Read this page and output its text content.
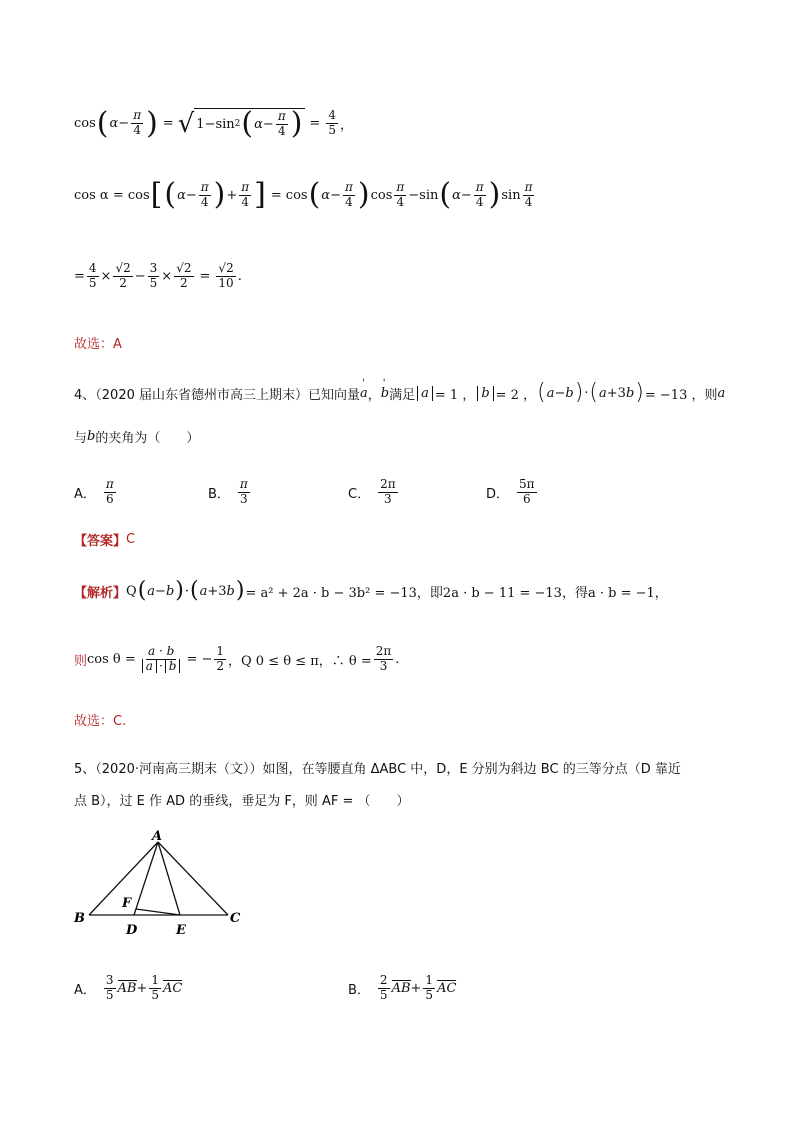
cos ( $\alpha - \frac{\pi}{4}$ ) = √ 1 − sin 2 ( $\alpha - \frac{\pi}{4}$ ) = $\frac{4}{5}$ ，
cos α = cos [ ( $\alpha - \frac{\pi}{4}$ ) + $\frac{\pi}{4}$ ] = cos ( $\alpha - \frac{\pi}{4}$ ) $\cos \frac{\pi}{4} - \sin$ ( $\alpha - \frac{\pi}{4}$ ) $\sin \frac{\pi}{4}$
= $\frac{4}{5} \times \frac{√2}{2} - \frac{3}{5} \times \frac{√2}{2} = \frac{√2}{10}$ .
故选：A
4、（2020 届山东省德州市高三上期末）已知向量 ' a ， ' b 满足 a = 1 ， b = 2 ， ( a − b ) · ( a +3 b ) = −13 ，则 a
与 b 的夹角为（　　）
A． $\frac{\pi}{6}$	B． $\frac{\pi}{3}$	C． $\frac{2\pi}{3}$	D． $\frac{5\pi}{6}$
【答案】 C
【解析】 Q ( a − b ) · ( a +3 b ) = a² + 2a · b − 3b² = −13，即 2a · b − 11 = −13，得 a · b = −1，
则 $\cos \theta = \frac{a \cdot b}{a \cdot b}$ = − $\frac{1}{2}$ ，Q 0 ≤ θ ≤ π，∴ $\theta = \frac{2\pi}{3}$ .
故选：C.
5、（2020·河南高三期末（文））如图，在等腰直角 ΔABC 中，D，E 分别为斜边 BC 的三等分点（D 靠近
点 B），过 E 作 AD 的垂线，垂足为 F，则 AF = （　　）
A
B	C
D	E
F
A． $\frac{3}{5}$ AB + $\frac{1}{5}$ AC	B． $\frac{2}{5}$ AB + $\frac{1}{5}$ AC
